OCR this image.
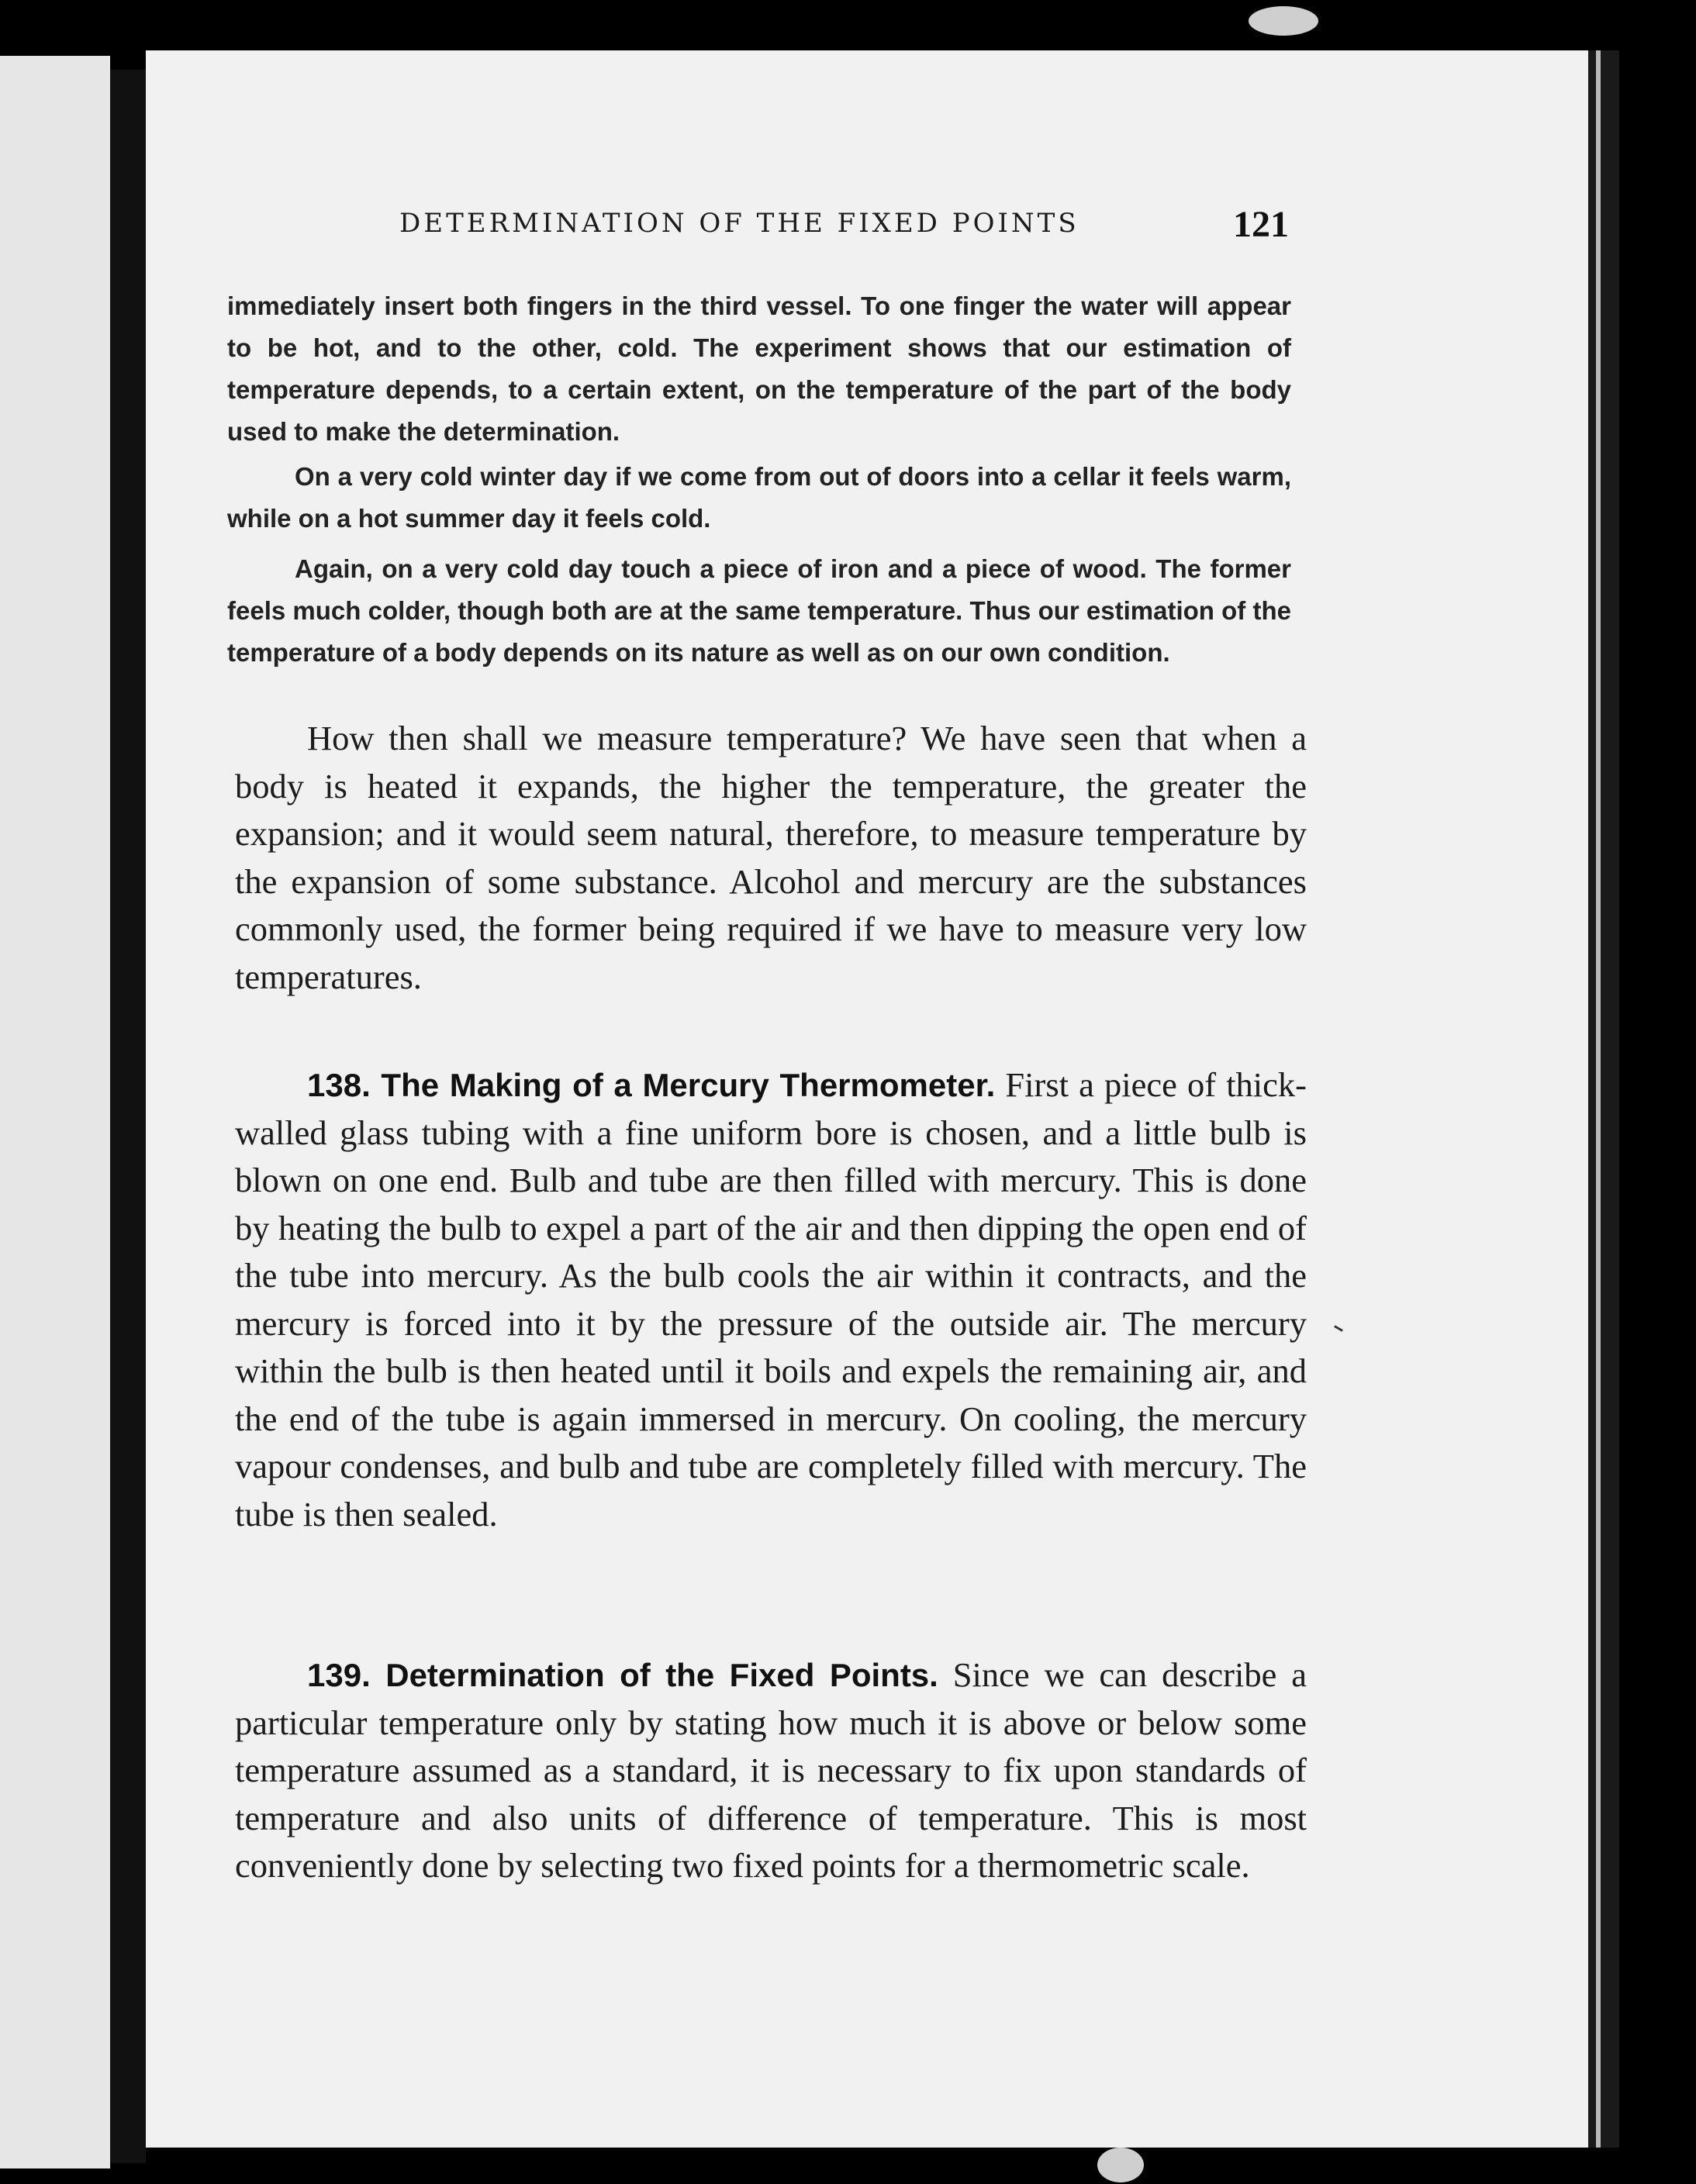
DETERMINATION OF THE FIXED POINTS	121

immediately insert both fingers in the third vessel. To one finger the water will appear to be hot, and to the other, cold. The experiment shows that our estimation of temperature depends, to a certain extent, on the temperature of the part of the body used to make the determination.

On a very cold winter day if we come from out of doors into a cellar it feels warm, while on a hot summer day it feels cold.

Again, on a very cold day touch a piece of iron and a piece of wood. The former feels much colder, though both are at the same temperature. Thus our estimation of the temperature of a body depends on its nature as well as on our own condition.

How then shall we measure temperature? We have seen that when a body is heated it expands, the higher the temperature, the greater the expansion; and it would seem natural, therefore, to measure temperature by the expansion of some substance. Alcohol and mercury are the substances commonly used, the former being required if we have to measure very low temperatures.

138. The Making of a Mercury Thermometer. First a piece of thick-walled glass tubing with a fine uniform bore is chosen, and a little bulb is blown on one end. Bulb and tube are then filled with mercury. This is done by heating the bulb to expel a part of the air and then dipping the open end of the tube into mercury. As the bulb cools the air within it contracts, and the mercury is forced into it by the pressure of the outside air. The mercury within the bulb is then heated until it boils and expels the remaining air, and the end of the tube is again immersed in mercury. On cooling, the mercury vapour condenses, and bulb and tube are completely filled with mercury. The tube is then sealed.

139. Determination of the Fixed Points. Since we can describe a particular temperature only by stating how much it is above or below some temperature assumed as a standard, it is necessary to fix upon standards of temperature and also units of difference of temperature. This is most conveniently done by selecting two fixed points for a thermometric scale.
